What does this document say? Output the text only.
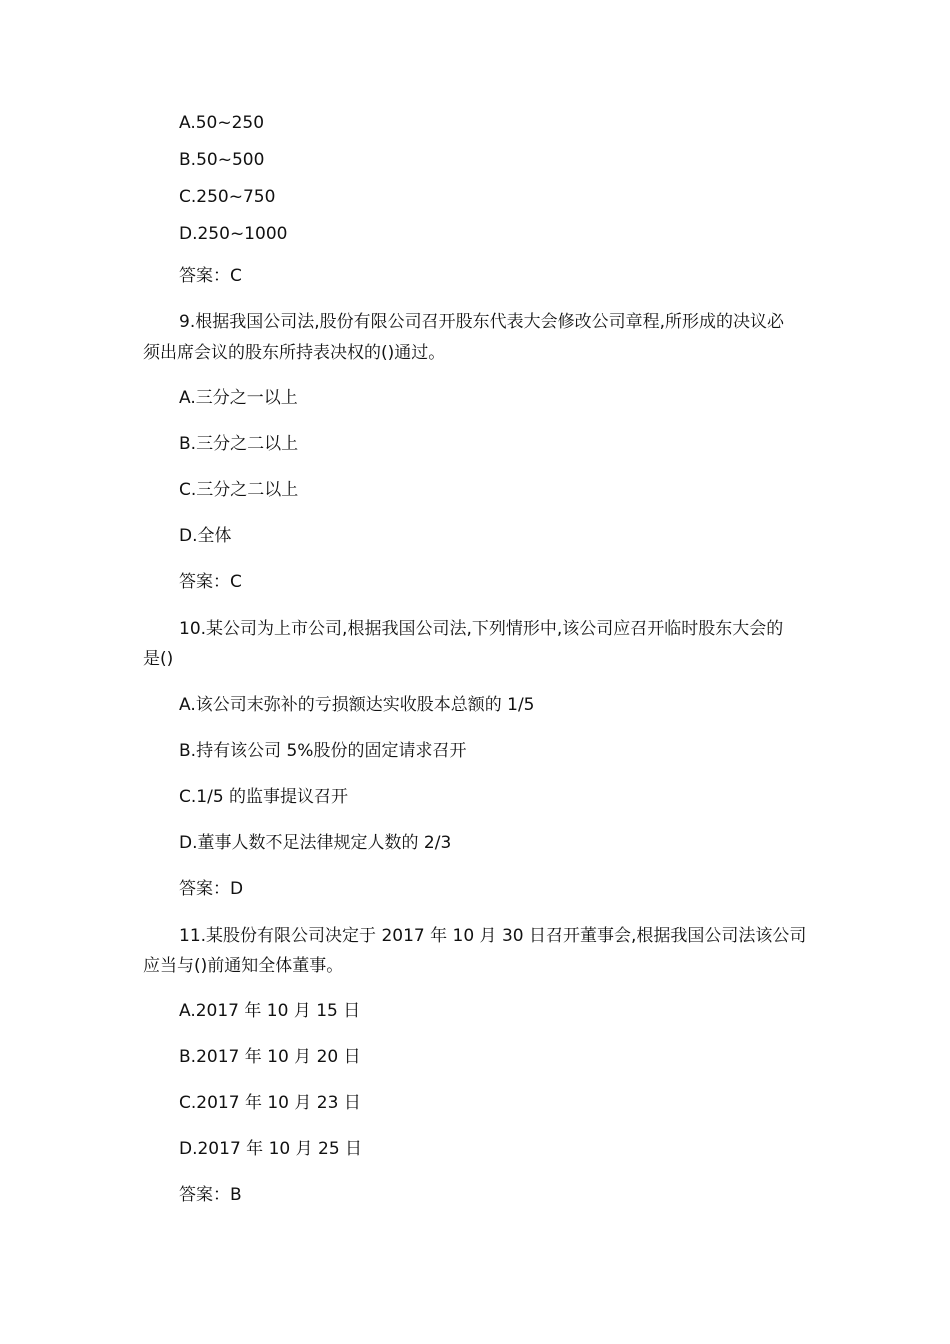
A.50~250
B.50~500
C.250~750
D.250~1000
答案：C
9.根据我国公司法,股份有限公司召开股东代表大会修改公司章程,所形成的决议必
须出席会议的股东所持表决权的()通过。
A.三分之一以上
B.三分之二以上
C.三分之二以上
D.全体
答案：C
10.某公司为上市公司,根据我国公司法,下列情形中,该公司应召开临时股东大会的
是()
A.该公司末弥补的亏损额达实收股本总额的 1/5
B.持有该公司 5%股份的固定请求召开
C.1/5 的监事提议召开
D.董事人数不足法律规定人数的 2/3
答案：D
11.某股份有限公司决定于 2017 年 10 月 30 日召开董事会,根据我国公司法该公司
应当与()前通知全体董事。
A.2017 年 10 月 15 日
B.2017 年 10 月 20 日
C.2017 年 10 月 23 日
D.2017 年 10 月 25 日
答案：B
